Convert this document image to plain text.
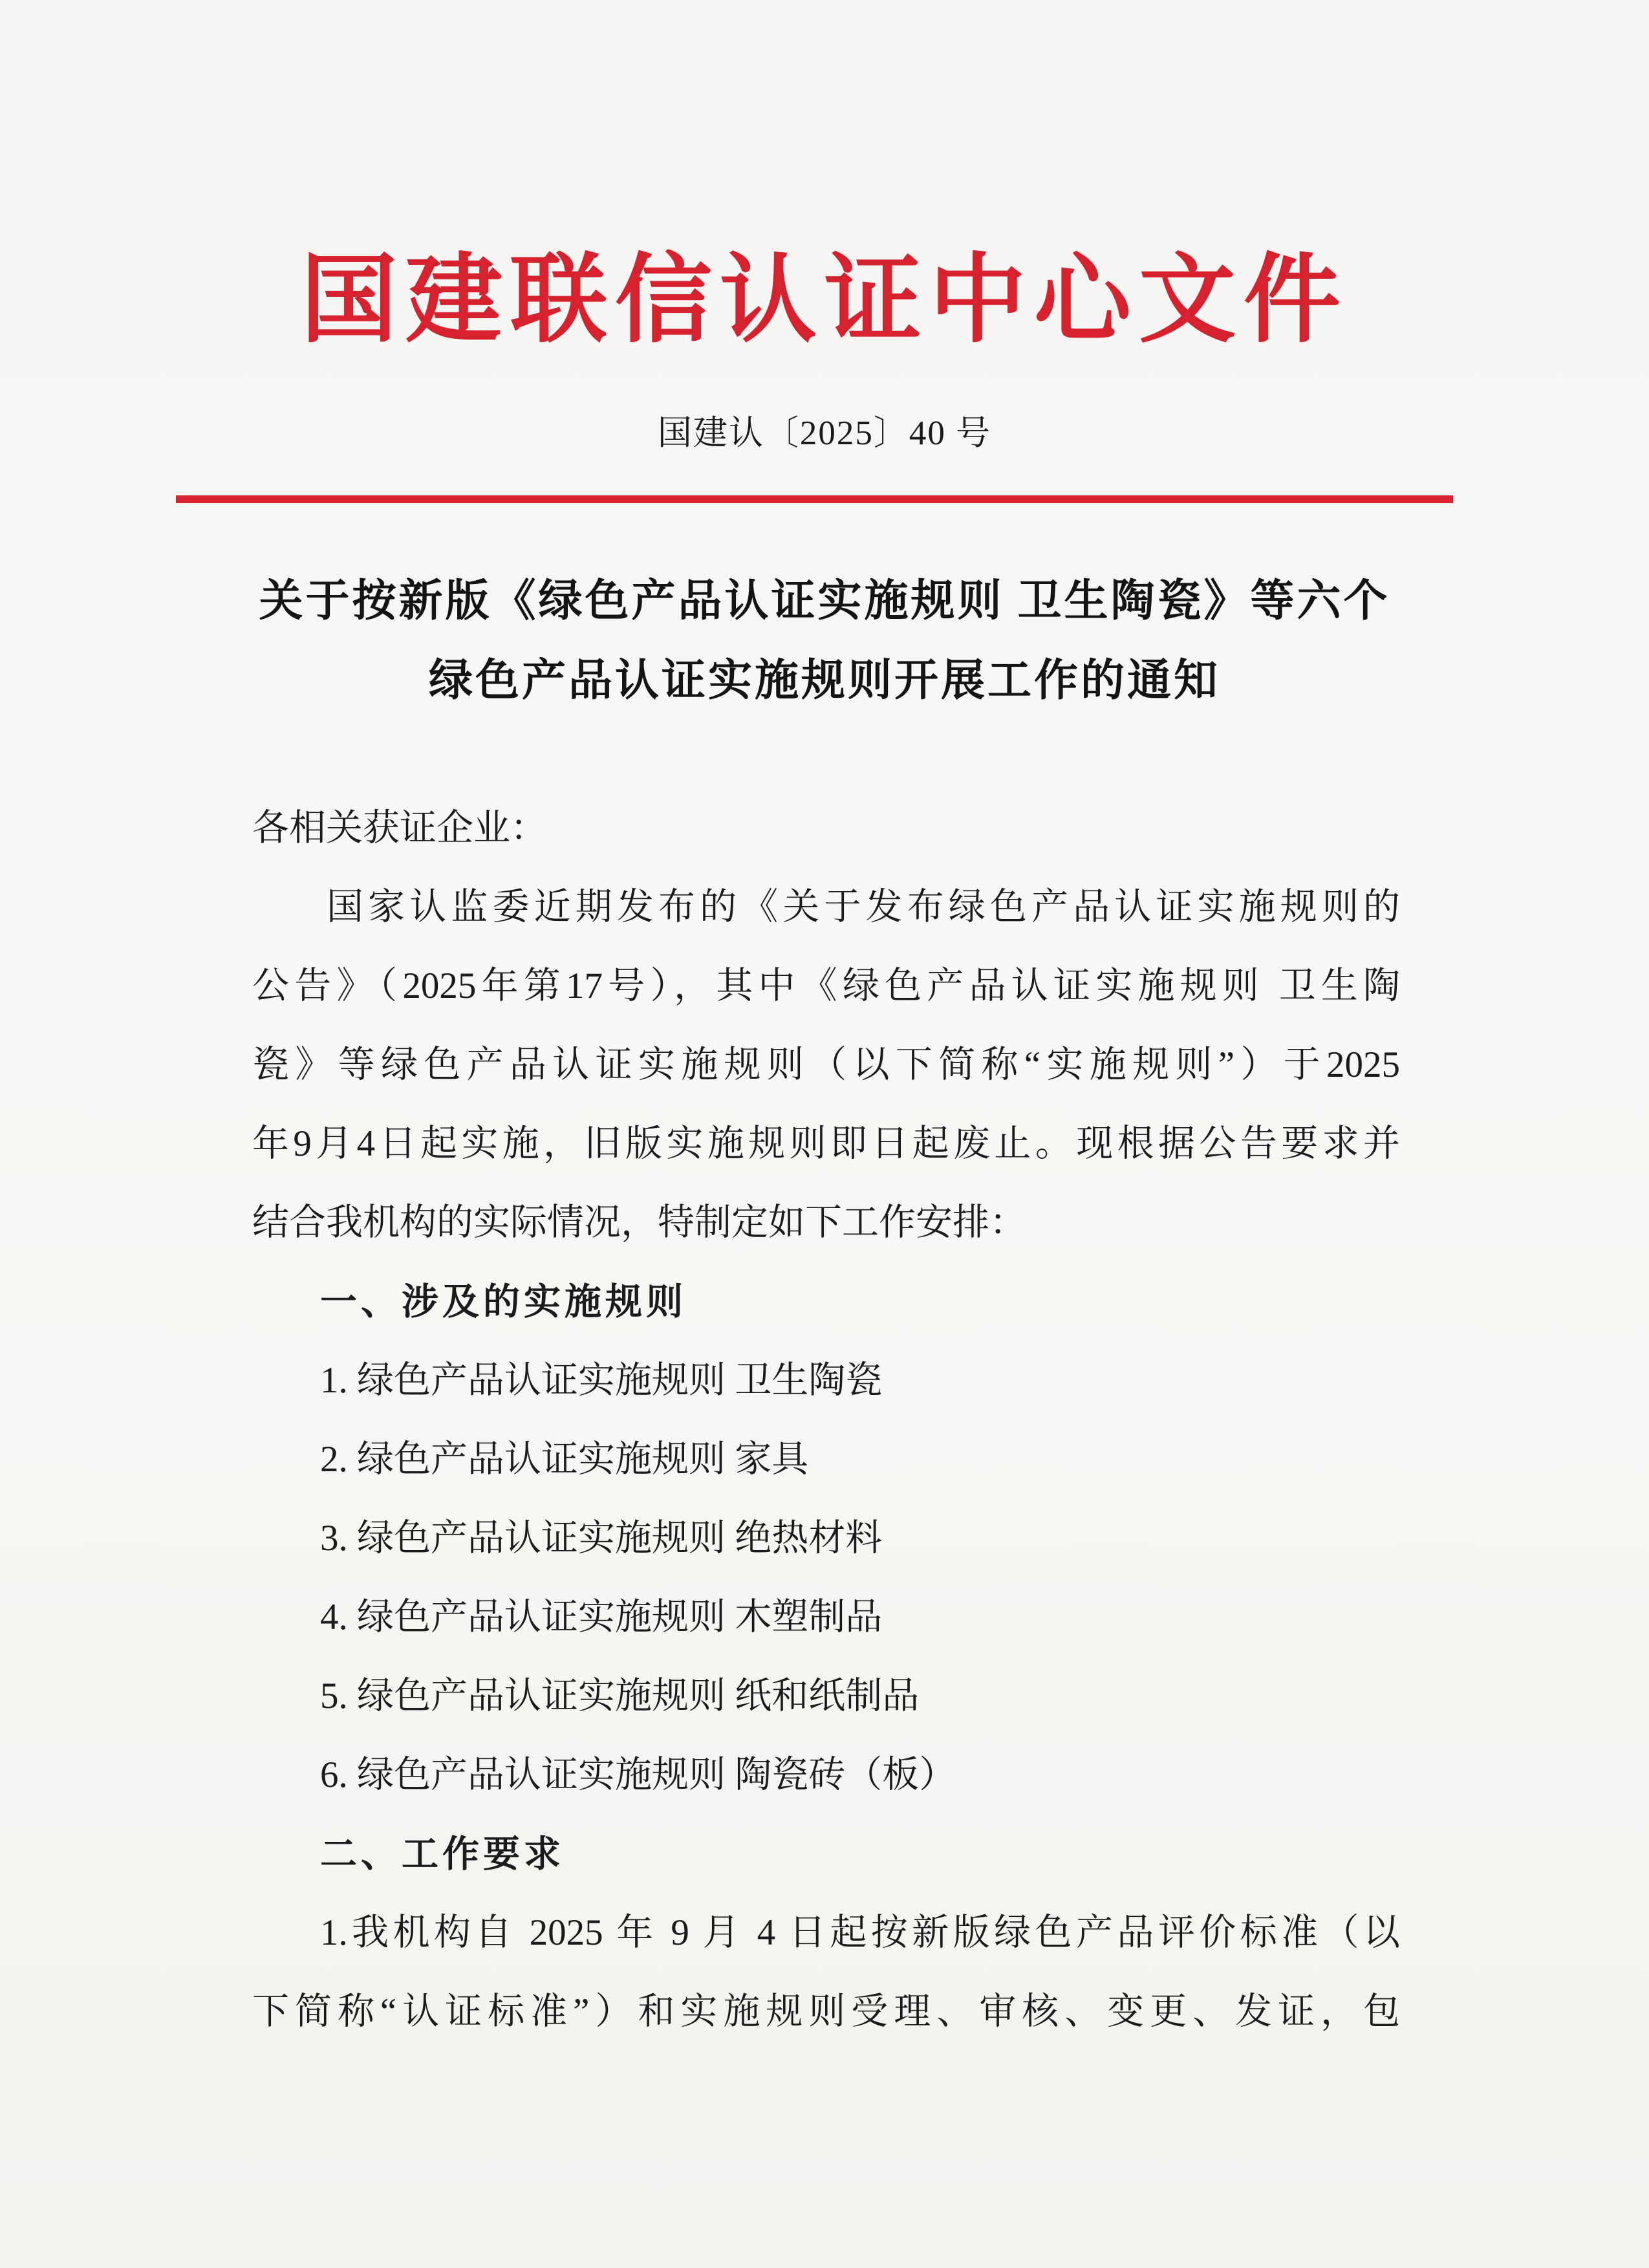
国建联信认证中心文件
国建认〔2025〕40 号
关于按新版《绿色产品认证实施规则 卫生陶瓷》等六个
绿色产品认证实施规则开展工作的通知
各相关获证企业：
国家认监委近期发布的《关于发布绿色产品认证实施规则的
公告》（2025年第17号），其中《绿色产品认证实施规则 卫生陶
瓷》等绿色产品认证实施规则（以下简称“实施规则”）于2025
年9月4日起实施，旧版实施规则即日起废止。现根据公告要求并
结合我机构的实际情况，特制定如下工作安排：
一、涉及的实施规则
1. 绿色产品认证实施规则 卫生陶瓷
2. 绿色产品认证实施规则 家具
3. 绿色产品认证实施规则 绝热材料
4. 绿色产品认证实施规则 木塑制品
5. 绿色产品认证实施规则 纸和纸制品
6. 绿色产品认证实施规则 陶瓷砖（板）
二、工作要求
1.我机构自 2025 年 9 月 4 日起按新版绿色产品评价标准（以
下简称“认证标准”）和实施规则受理、审核、变更、发证，包
